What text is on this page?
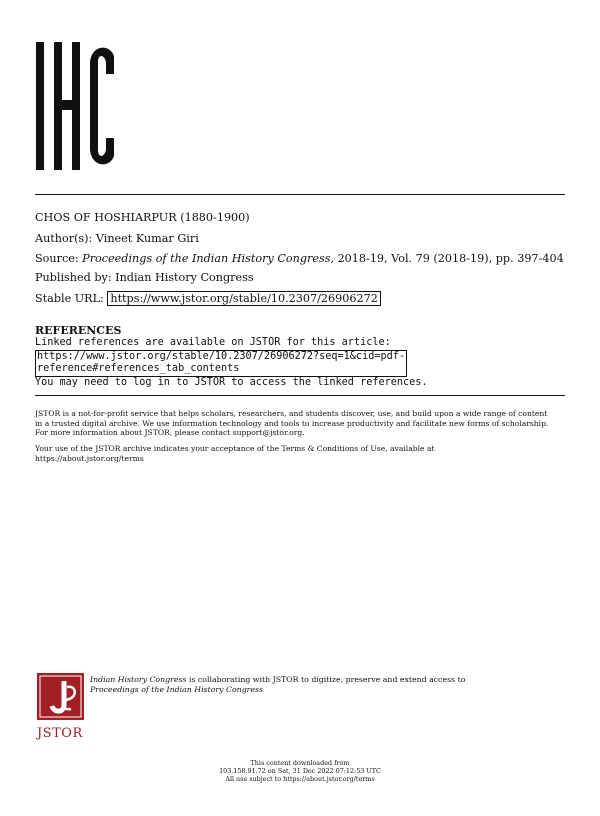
CHOS OF HOSHIARPUR (1880-1900)
Author(s): Vineet Kumar Giri
Source: Proceedings of the Indian History Congress, 2018-19, Vol. 79 (2018-19), pp. 397-404
Published by: Indian History Congress
Stable URL: https://www.jstor.org/stable/10.2307/26906272
REFERENCES
Linked references are available on JSTOR for this article:
https://www.jstor.org/stable/10.2307/26906272?seq=1&cid=pdf-
reference#references_tab_contents
You may need to log in to JSTOR to access the linked references.
JSTOR is a not-for-profit service that helps scholars, researchers, and students discover, use, and build upon a wide range of content in a trusted digital archive. We use information technology and tools to increase productivity and facilitate new forms of scholarship. For more information about JSTOR, please contact support@jstor.org.
Your use of the JSTOR archive indicates your acceptance of the Terms & Conditions of Use, available at
https://about.jstor.org/terms
JSTOR
Indian History Congress is collaborating with JSTOR to digitize, preserve and extend access to
Proceedings of the Indian History Congress
This content downloaded from
103.158.91.72 on Sat, 31 Dec 2022 07:12:53 UTC
All use subject to https://about.jstor.org/terms
